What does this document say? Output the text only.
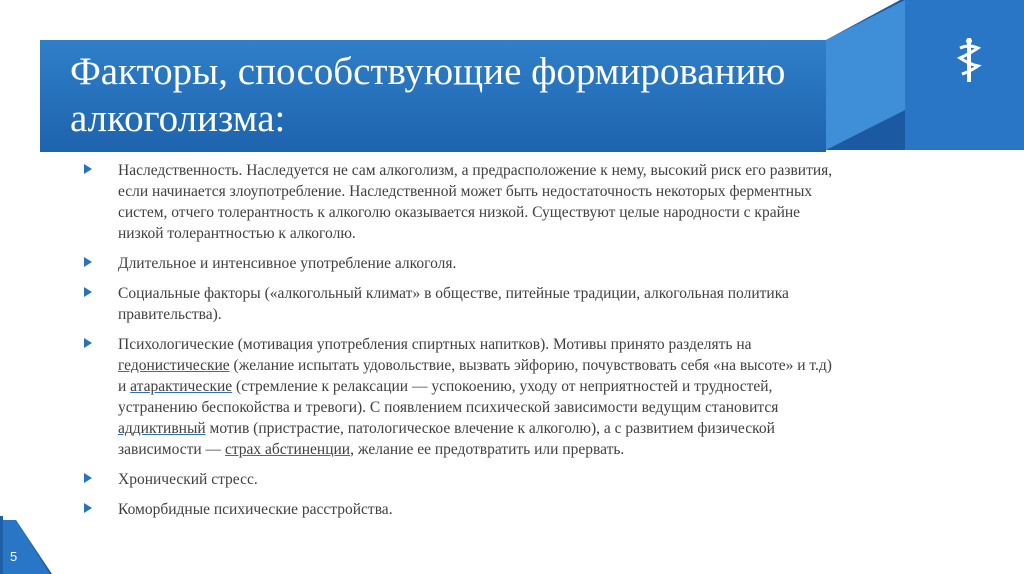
Факторы, способствующие формированию алкоголизма:
Наследственность. Наследуется не сам алкоголизм, а предрасположение к нему, высокий риск его развития, если начинается злоупотребление. Наследственной может быть недостаточность некоторых ферментных систем, отчего толерантность к алкоголю оказывается низкой. Существуют целые народности с крайне низкой толерантностью к алкоголю.
Длительное и интенсивное употребление алкоголя.
Социальные факторы («алкогольный климат» в обществе, питейные традиции, алкогольная политика правительства).
Психологические (мотивация употребления спиртных напитков). Мотивы принято разделять на гедонистические (желание испытать удовольствие, вызвать эйфорию, почувствовать себя «на высоте» и т.д) и атарактические (стремление к релаксации — успокоению, уходу от неприятностей и трудностей, устранению беспокойства и тревоги). С появлением психической зависимости ведущим становится аддиктивный мотив (пристрастие, патологическое влечение к алкоголю), а с развитием физической зависимости — страх абстиненции, желание ее предотвратить или прервать.
Хронический стресс.
Коморбидные психические расстройства.
5
